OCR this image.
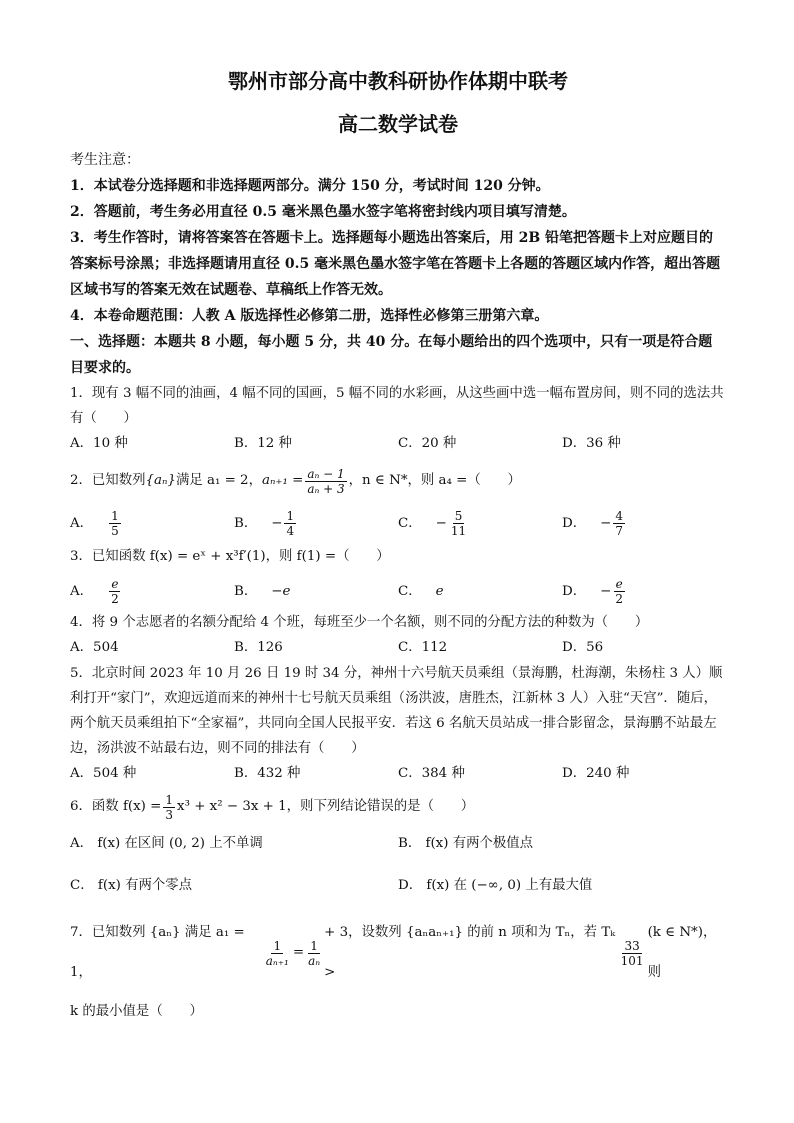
鄂州市部分高中教科研协作体期中联考
高二数学试卷
考生注意：
1．本试卷分选择题和非选择题两部分。满分 150 分，考试时间 120 分钟。
2．答题前，考生务必用直径 0.5 毫米黑色墨水签字笔将密封线内项目填写清楚。
3．考生作答时，请将答案答在答题卡上。选择题每小题选出答案后，用 2B 铅笔把答题卡上对应题目的答案标号涂黑；非选择题请用直径 0.5 毫米黑色墨水签字笔在答题卡上各题的答题区域内作答，超出答题区域书写的答案无效在试题卷、草稿纸上作答无效。
4．本卷命题范围：人教 A 版选择性必修第二册，选择性必修第三册第六章。
一、选择题：本题共 8 小题，每小题 5 分，共 40 分。在每小题给出的四个选项中，只有一项是符合题目要求的。
1．现有 3 幅不同的油画，4 幅不同的国画，5 幅不同的水彩画，从这些画中选一幅布置房间，则不同的选法共有（　　）
A．10 种	B．12 种	C．20 种	D．36 种
2．已知数列 {aₙ} 满足 a₁ = 2， $a_{n+1} = \frac{\text{aₙ − 1}}{\text{aₙ + 3}}$ ，n ∈ N*，则 a₄ =（　　）
A． $\frac{1}{5}$	B． − $\frac{1}{4}$	C． − $\frac{5}{11}$	D． − $\frac{4}{7}$
3．已知函数 f(x) = eˣ + x³f′(1)，则 f(1) =（　　）
A． $\frac{e}{2}$	B． −e	C． e	D． − $\frac{e}{2}$
4．将 9 个志愿者的名额分配给 4 个班，每班至少一个名额，则不同的分配方法的种数为（　　）
A．504	B．126	C．112	D．56
5．北京时间 2023 年 10 月 26 日 19 时 34 分，神州十六号航天员乘组（景海鹏，杜海潮，朱杨柱 3 人）顺利打开“家门”，欢迎远道而来的神州十七号航天员乘组（汤洪波，唐胜杰，江新林 3 人）入驻“天宫”．随后，两个航天员乘组拍下“全家福”，共同向全国人民报平安．若这 6 名航天员站成一排合影留念，景海鹏不站最左边，汤洪波不站最右边，则不同的排法有（　　）
A．504 种	B．432 种	C．384 种	D．240 种
6．函数 $f(x) = \frac{1}{3} x^3 + x^2 - 3x + 1$，则下列结论错误的是（　　）
A． f(x) 在区间 (0, 2) 上不单调	B． f(x) 有两个极值点
C． f(x) 有两个零点	D． f(x) 在 (−∞, 0) 上有最大值
7．已知数列 {aₙ} 满足 a₁ = 1，
$\frac{1}{\text{aₙ₊₁}} = \frac{1}{\text{aₙ}}$
+ 3，设数列 {aₙaₙ₊₁} 的前 n 项和为 Tₙ，若 Tₖ >
$\frac{33}{101}$
(k ∈ N*)，则
k 的最小值是（　　）
